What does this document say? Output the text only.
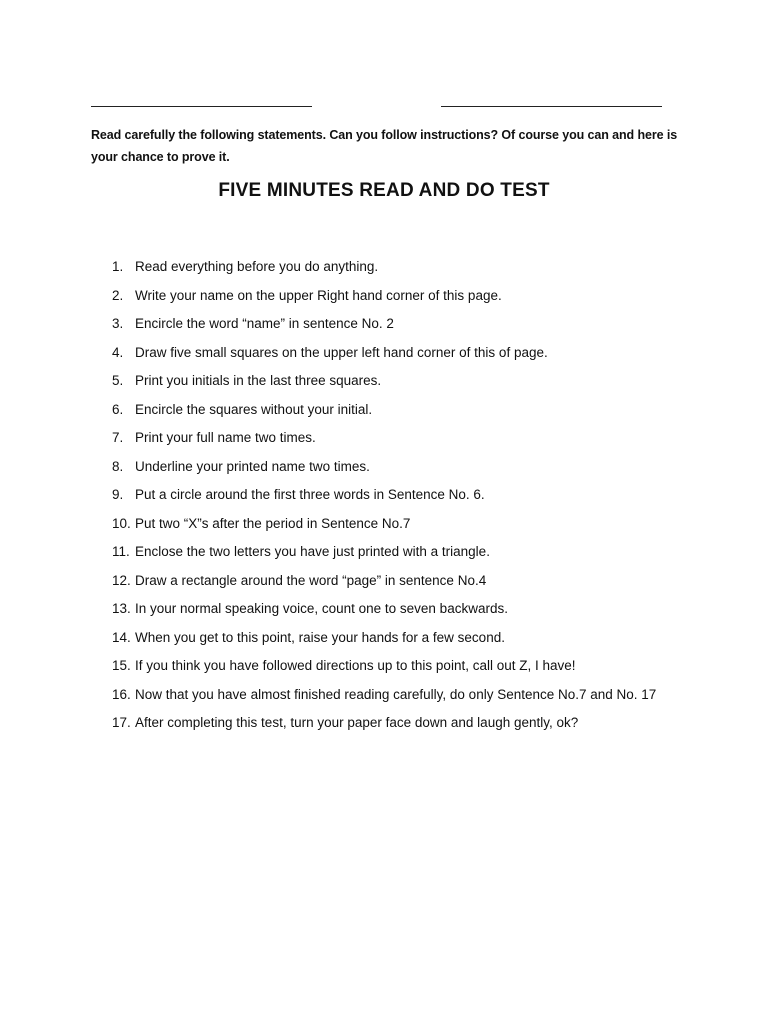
Read carefully the following statements. Can you follow instructions? Of course you can and here is your chance to prove it.
FIVE MINUTES READ AND DO TEST
1. Read everything before you do anything.
2. Write your name on the upper Right hand corner of this page.
3. Encircle the word “name” in sentence No. 2
4. Draw five small squares on the upper left hand corner of this of page.
5. Print you initials in the last three squares.
6. Encircle the squares without your initial.
7. Print your full name two times.
8. Underline your printed name two times.
9. Put a circle around the first three words in Sentence No. 6.
10. Put two “X”s after the period in Sentence No.7
11. Enclose the two letters you have just printed with a triangle.
12. Draw a rectangle around the word “page” in sentence No.4
13. In your normal speaking voice, count one to seven backwards.
14. When you get to this point, raise your hands for a few second.
15. If you think you have followed directions up to this point, call out Z, I have!
16. Now that you have almost finished reading carefully, do only Sentence No.7 and No. 17
17. After completing this test, turn your paper face down and laugh gently, ok?
